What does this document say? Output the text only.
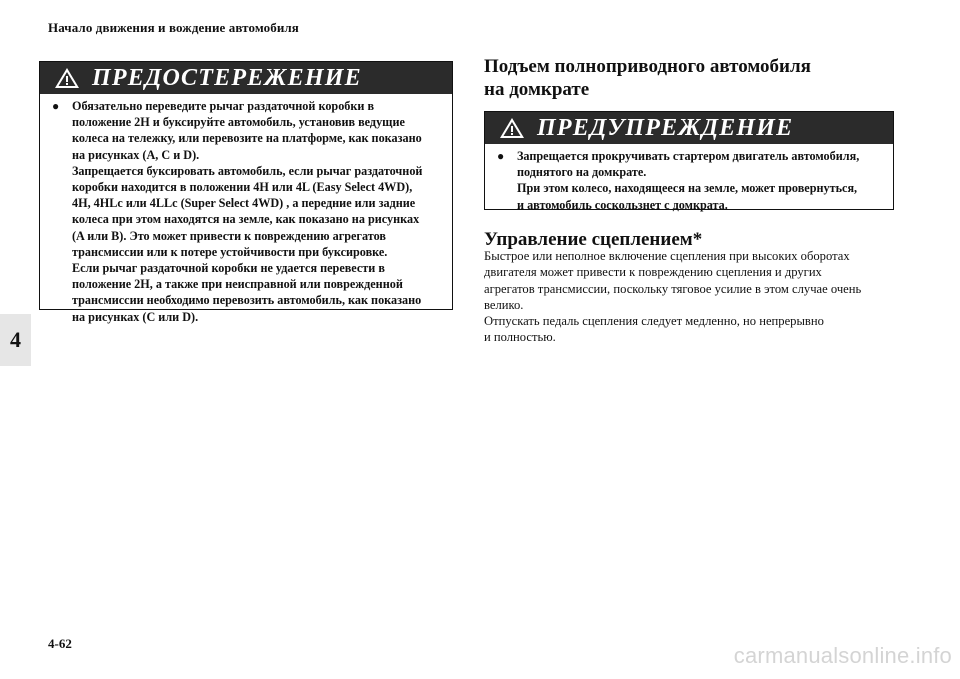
Начало движения и вождение автомобиля
4
ПРЕДОСТЕРЕЖЕНИЕ
●	Обязательно переведите рычаг раздаточной коробки в
положение 2H и буксируйте автомобиль, установив ведущие
колеса на тележку, или перевозите на платформе, как показано
на рисунках (A, C и D).
Запрещается буксировать автомобиль, если рычаг раздаточной
коробки находится в положении 4H или 4L (Easy Select 4WD),
4H, 4HLc или 4LLc (Super Select 4WD) , а передние или задние
колеса при этом находятся на земле, как показано на рисунках
(A или B). Это может привести к повреждению агрегатов
трансмиссии или к потере устойчивости при буксировке.
Если рычаг раздаточной коробки не удается перевести в
положение 2H, а также при неисправной или поврежденной
трансмиссии необходимо перевозить автомобиль, как показано
на рисунках (C или D).
Подъем полноприводного автомобиля
на домкрате
ПРЕДУПРЕЖДЕНИЕ
●	Запрещается прокручивать стартером двигатель автомобиля,
поднятого на домкрате.
При этом колесо, находящееся на земле, может провернуться,
и автомобиль соскользнет с домкрата.
Управление сцеплением*
Быстрое или неполное включение сцепления при высоких оборотах
двигателя может привести к повреждению сцепления и других
агрегатов трансмиссии, поскольку тяговое усилие в этом случае очень
велико.
Отпускать педаль сцепления следует медленно, но непрерывно
и полностью.
4-62	carmanualsonline.info
